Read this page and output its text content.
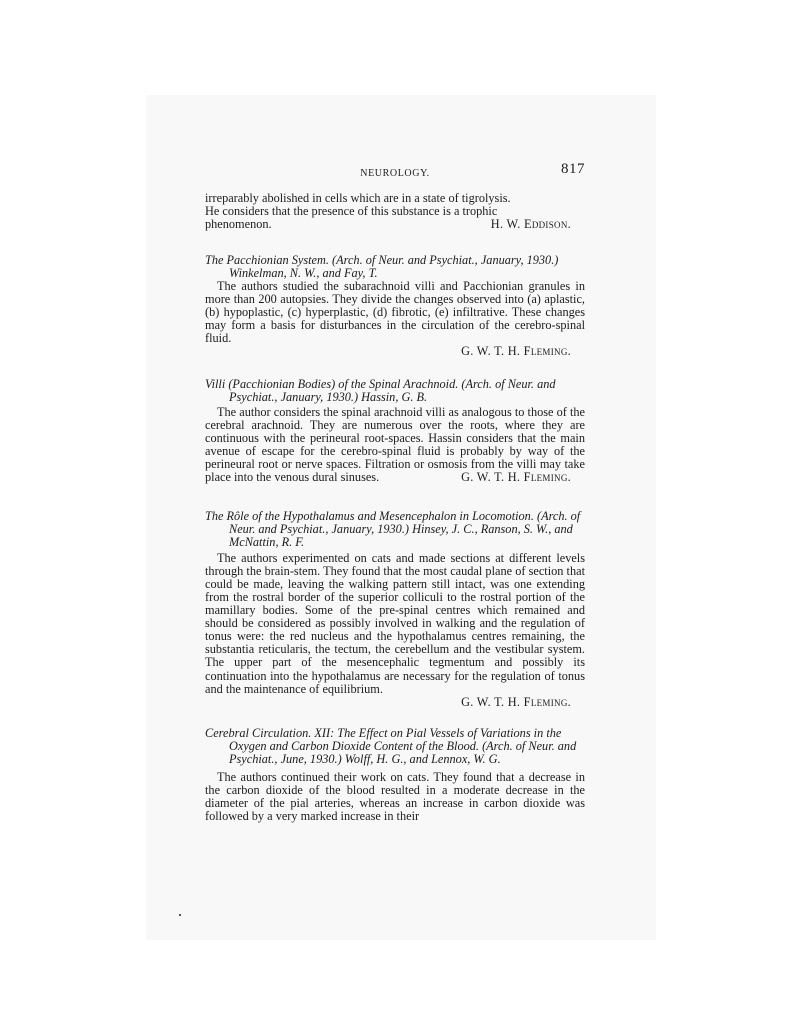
NEUROLOGY.	817

irreparably abolished in cells which are in a state of tigrolysis.

He considers that the presence of this substance is a trophic

phenomenon.	H. W. Eddison.

The Pacchionian System. (Arch. of Neur. and Psychiat., January, 1930.) Winkelman, N. W., and Fay, T.

The authors studied the subarachnoid villi and Pacchionian granules in more than 200 autopsies. They divide the changes observed into (a) aplastic, (b) hypoplastic, (c) hyperplastic, (d) fibrotic, (e) infiltrative. These changes may form a basis for disturbances in the circulation of the cerebro-spinal fluid.

G. W. T. H. Fleming.

Villi (Pacchionian Bodies) of the Spinal Arachnoid. (Arch. of Neur. and Psychiat., January, 1930.) Hassin, G. B.

The author considers the spinal arachnoid villi as analogous to those of the cerebral arachnoid. They are numerous over the roots, where they are continuous with the perineural root-spaces. Hassin considers that the main avenue of escape for the cerebro-spinal fluid is probably by way of the perineural root or nerve spaces. Filtration or osmosis from the villi may take place into the venous dural sinuses.	G. W. T. H. Fleming.

The Rôle of the Hypothalamus and Mesencephalon in Locomotion. (Arch. of Neur. and Psychiat., January, 1930.) Hinsey, J. C., Ranson, S. W., and McNattin, R. F.

The authors experimented on cats and made sections at different levels through the brain-stem. They found that the most caudal plane of section that could be made, leaving the walking pattern still intact, was one extending from the rostral border of the superior colliculi to the rostral portion of the mamillary bodies. Some of the pre-spinal centres which remained and should be considered as possibly involved in walking and the regulation of tonus were: the red nucleus and the hypothalamus centres remaining, the substantia reticularis, the tectum, the cerebellum and the vestibular system. The upper part of the mesencephalic tegmentum and possibly its continuation into the hypothalamus are necessary for the regulation of tonus and the maintenance of equilibrium.

G. W. T. H. Fleming.

Cerebral Circulation. XII: The Effect on Pial Vessels of Variations in the Oxygen and Carbon Dioxide Content of the Blood. (Arch. of Neur. and Psychiat., June, 1930.) Wolff, H. G., and Lennox, W. G.

The authors continued their work on cats. They found that a decrease in the carbon dioxide of the blood resulted in a moderate decrease in the diameter of the pial arteries, whereas an increase in carbon dioxide was followed by a very marked increase in their
